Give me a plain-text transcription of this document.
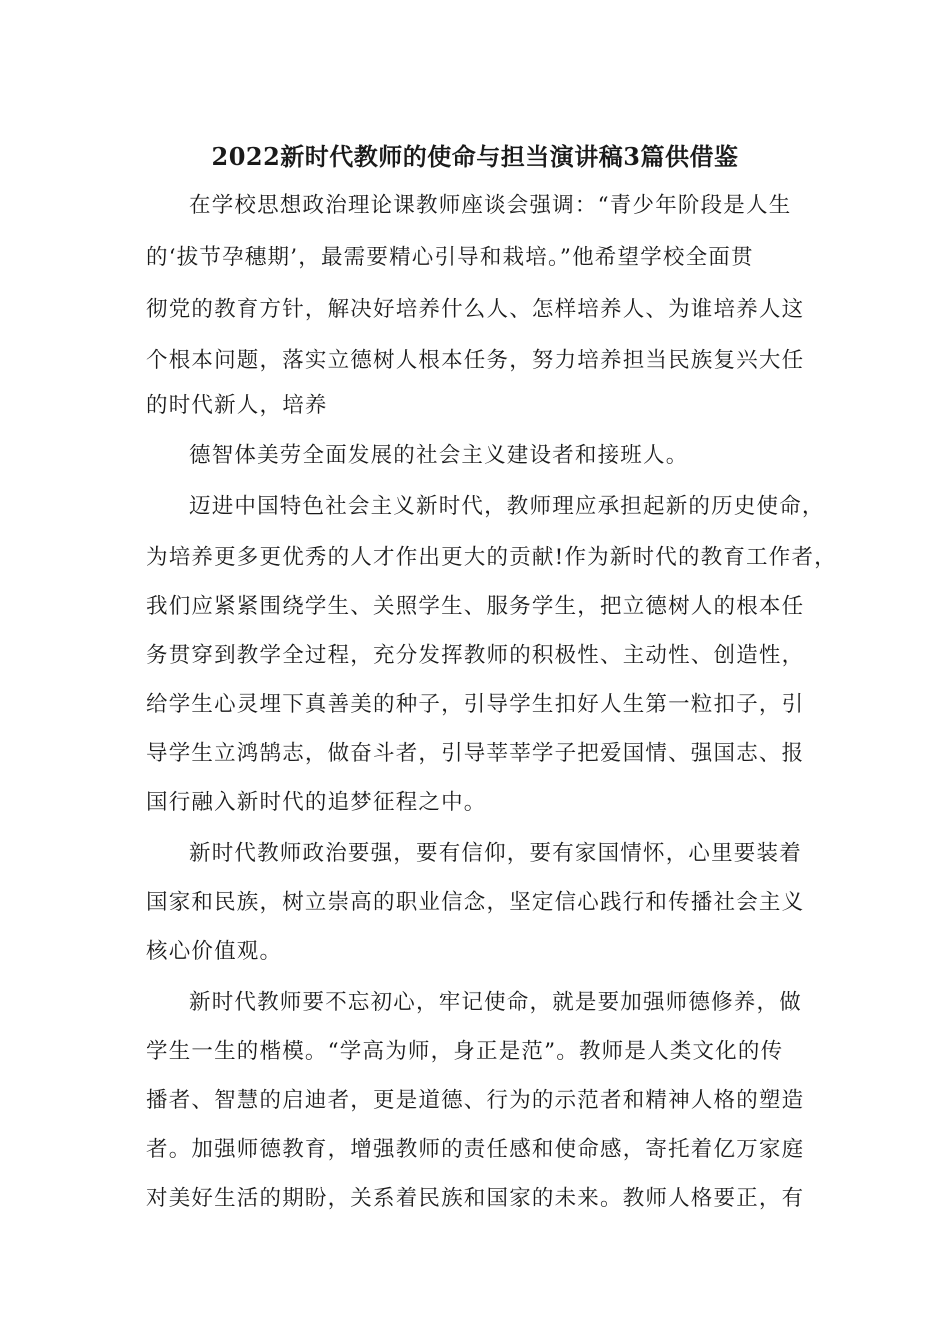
2022新时代教师的使命与担当演讲稿3篇供借鉴

在学校思想政治理论课教师座谈会强调：“青少年阶段是人生

的‘拔节孕穗期’，最需要精心引导和栽培。”他希望学校全面贯

彻党的教育方针，解决好培养什么人、怎样培养人、为谁培养人这

个根本问题，落实立德树人根本任务，努力培养担当民族复兴大任

的时代新人，培养

德智体美劳全面发展的社会主义建设者和接班人。

迈进中国特色社会主义新时代，教师理应承担起新的历史使命，

为培养更多更优秀的人才作出更大的贡献!作为新时代的教育工作者，

我们应紧紧围绕学生、关照学生、服务学生，把立德树人的根本任

务贯穿到教学全过程，充分发挥教师的积极性、主动性、创造性，

给学生心灵埋下真善美的种子，引导学生扣好人生第一粒扣子，引

导学生立鸿鹄志，做奋斗者，引导莘莘学子把爱国情、强国志、报

国行融入新时代的追梦征程之中。

新时代教师政治要强，要有信仰，要有家国情怀，心里要装着

国家和民族，树立崇高的职业信念，坚定信心践行和传播社会主义

核心价值观。

新时代教师要不忘初心，牢记使命，就是要加强师德修养，做

学生一生的楷模。“学高为师，身正是范”。教师是人类文化的传

播者、智慧的启迪者，更是道德、行为的示范者和精神人格的塑造

者。加强师德教育，增强教师的责任感和使命感，寄托着亿万家庭

对美好生活的期盼，关系着民族和国家的未来。教师人格要正，有
